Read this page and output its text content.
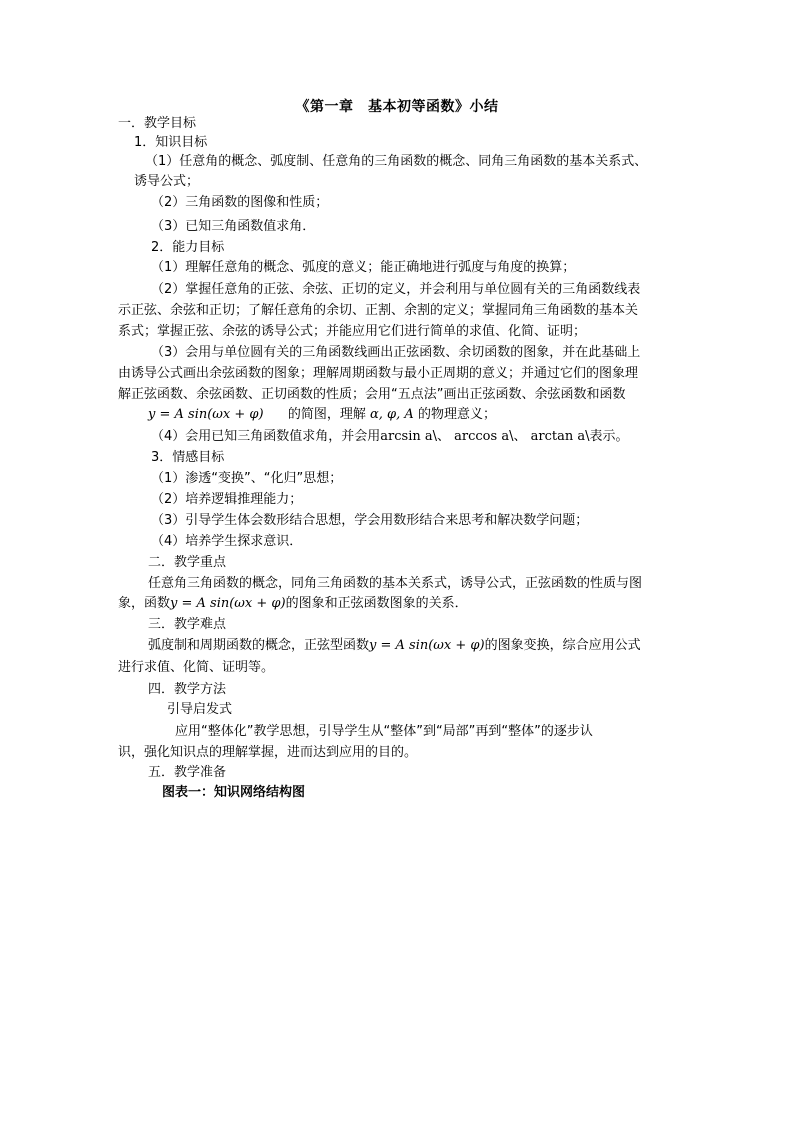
《第一章　基本初等函数》小结
一．教学目标
1．知识目标
（1）任意角的概念、弧度制、任意角的三角函数的概念、同角三角函数的基本关系式、
诱导公式；
（2）三角函数的图像和性质；
（3）已知三角函数值求角．
2．能力目标
（1）理解任意角的概念、弧度的意义；能正确地进行弧度与角度的换算；
（2）掌握任意角的正弦、余弦、正切的定义，并会利用与单位圆有关的三角函数线表
示正弦、余弦和正切；了解任意角的余切、正割、余割的定义；掌握同角三角函数的基本关
系式；掌握正弦、余弦的诱导公式；并能应用它们进行简单的求值、化简、证明；
（3）会用与单位圆有关的三角函数线画出正弦函数、余切函数的图象，并在此基础上
由诱导公式画出余弦函数的图象；理解周期函数与最小正周期的意义；并通过它们的图象理
解正弦函数、余弦函数、正切函数的性质；会用“五点法”画出正弦函数、余弦函数和函数
y = A sin(ωx + φ) 的简图，理解 α, φ, A 的物理意义；
（4）会用已知三角函数值求角，并会用arcsin a\、 arccos a\、 arctan a\表示。
3．情感目标
（1）渗透“变换”、“化归”思想；
（2）培养逻辑推理能力；
（3）引导学生体会数形结合思想，学会用数形结合来思考和解决数学问题；
（4）培养学生探求意识．
二．教学重点
任意角三角函数的概念，同角三角函数的基本关系式，诱导公式，正弦函数的性质与图
象，函数y = A sin(ωx + φ)的图象和正弦函数图象的关系．
三．教学难点
弧度制和周期函数的概念，正弦型函数y = A sin(ωx + φ)的图象变换，综合应用公式
进行求值、化简、证明等。
四．教学方法
引导启发式
应用“整体化”教学思想，引导学生从“整体”到“局部”再到“整体”的逐步认
识，强化知识点的理解掌握，进而达到应用的目的。
五．教学准备
图表一：知识网络结构图
